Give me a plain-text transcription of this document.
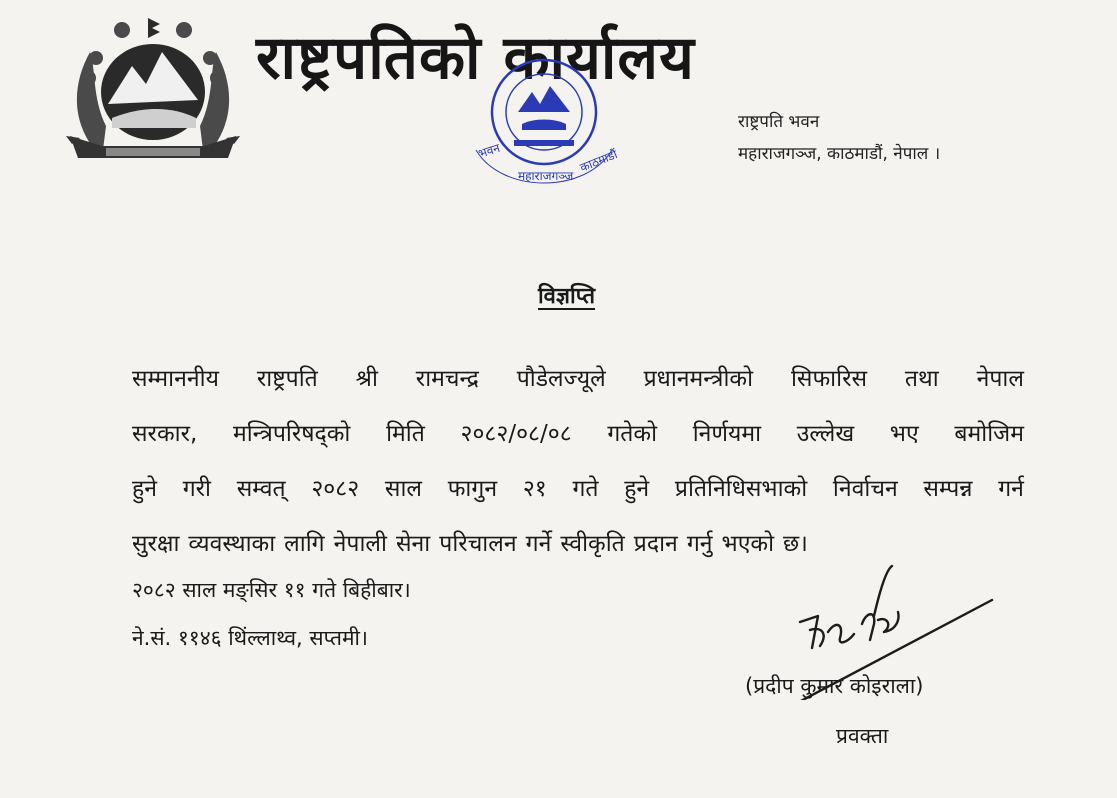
राष्ट्रपतिको कार्यालय
भवन
महाराजगञ्ज
काठमाडौं
राष्ट्रपति भवन
महाराजगञ्ज, काठमाडौं, नेपाल ।
विज्ञप्ति
सम्माननीय राष्ट्रपति श्री रामचन्द्र पौडेलज्यूले प्रधानमन्त्रीको सिफारिस तथा नेपाल
सरकार, मन्त्रिपरिषद्को मिति २०८२/०८/०८ गतेको निर्णयमा उल्लेख भए बमोजिम
हुने गरी सम्वत् २०८२ साल फागुन २१ गते हुने प्रतिनिधिसभाको निर्वाचन सम्पन्न गर्न
सुरक्षा व्यवस्थाका लागि नेपाली सेना परिचालन गर्ने स्वीकृति प्रदान गर्नु भएको छ।
२०८२ साल मङ्सिर ११ गते बिहीबार।
ने.सं. ११४६ थिंल्लाथ्व, सप्तमी।
(प्रदीप कुमार कोइराला)
प्रवक्ता
